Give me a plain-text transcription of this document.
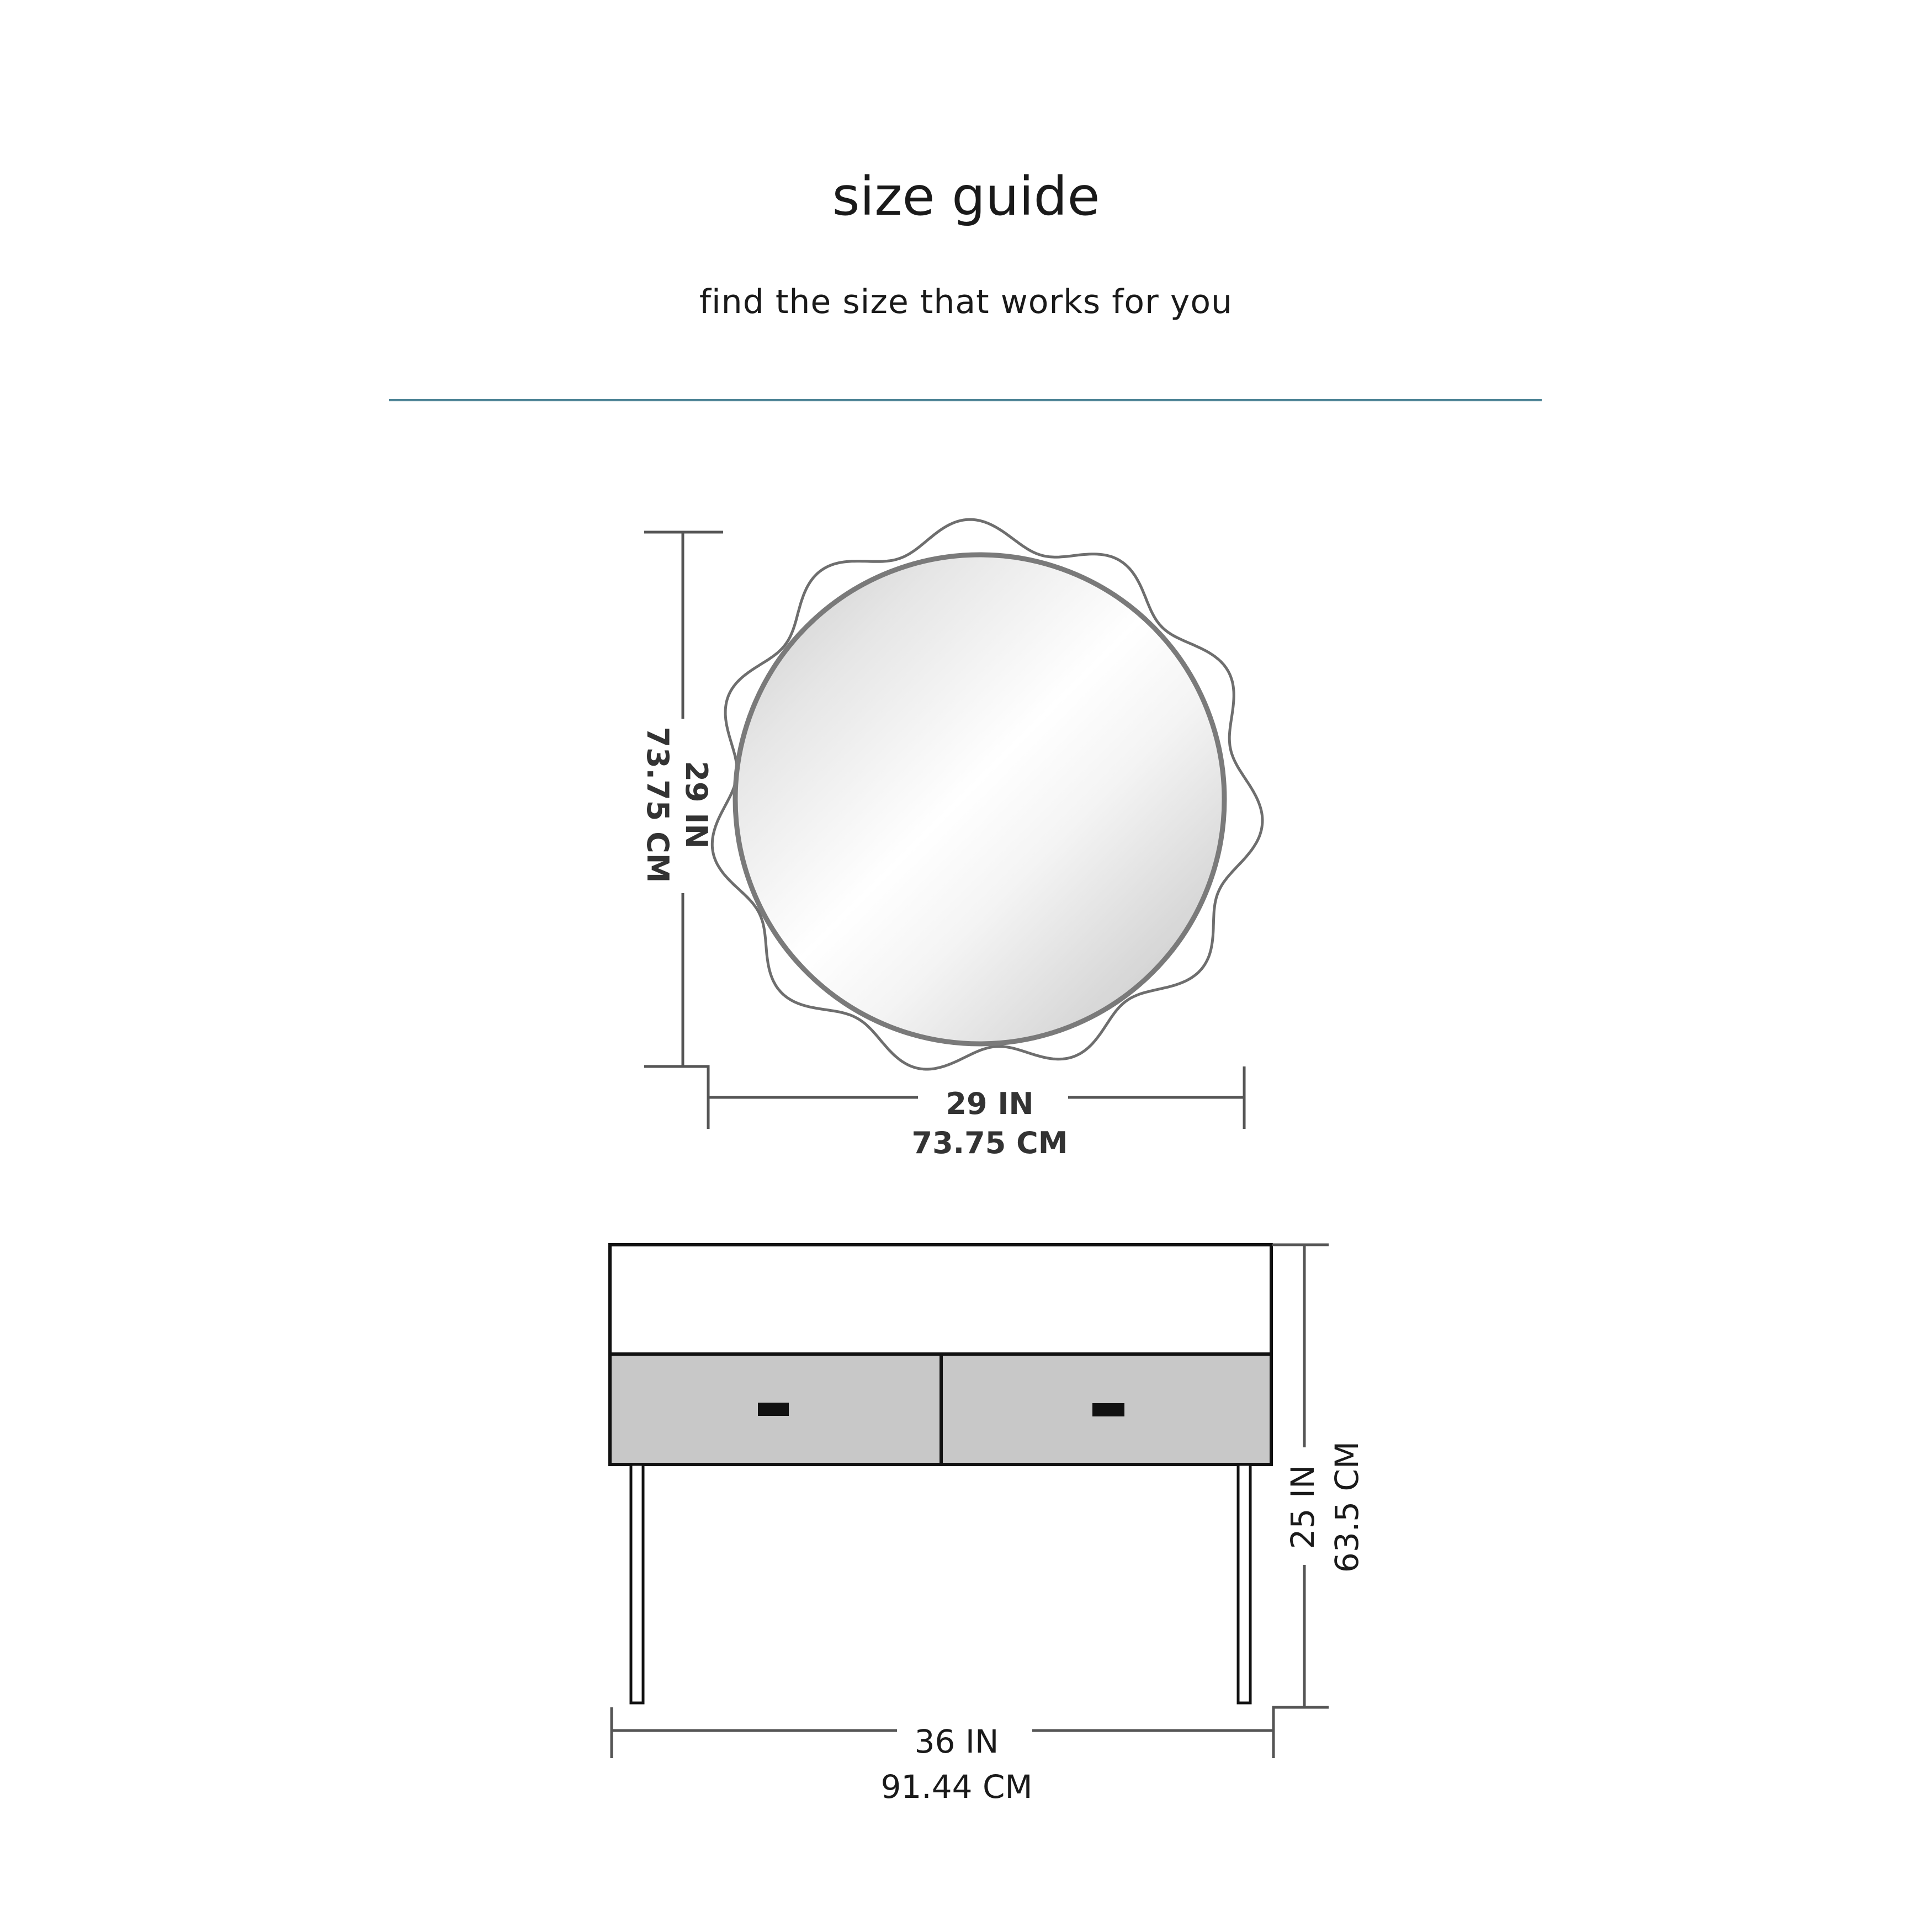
size guide
find the size that works for you
29 IN
73.75 CM
29 IN
73.75 CM
25 IN 63.5 CM
36 IN
91.44 CM
